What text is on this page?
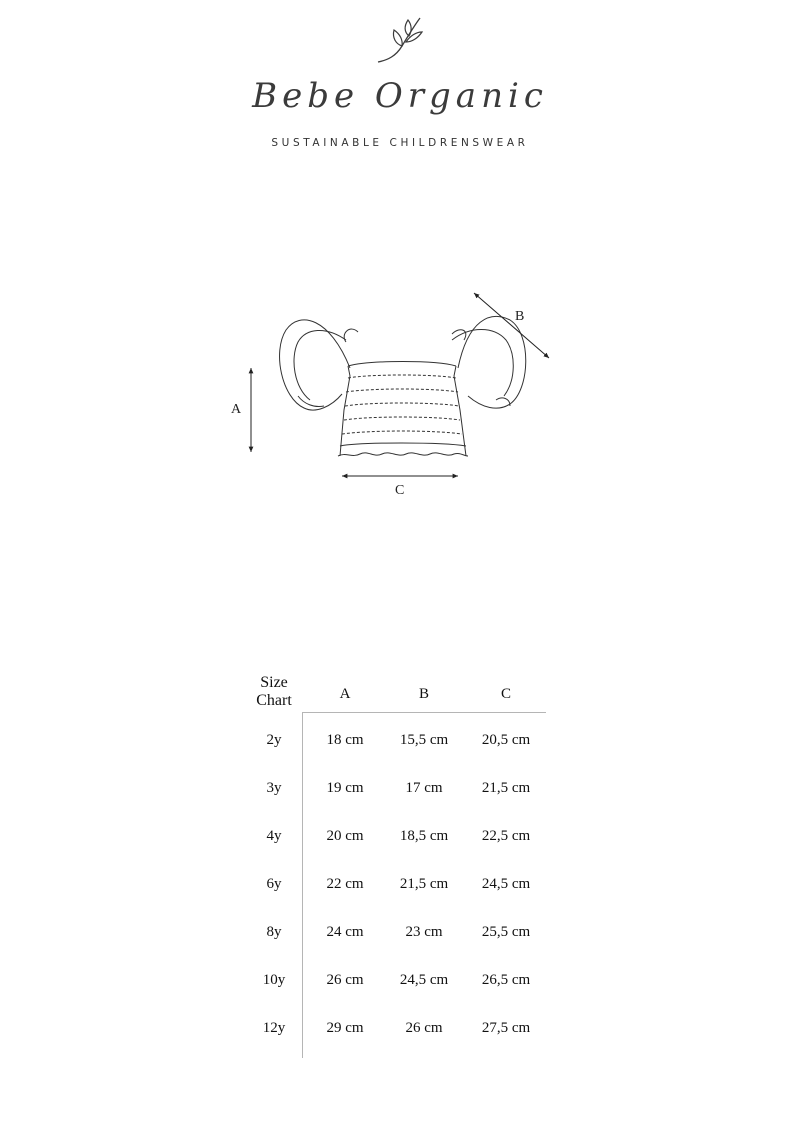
Bebe Organic
SUSTAINABLE CHILDRENSWEAR
A
B
C
Size
Chart	A	B	C
2y	18 cm	15,5 cm	20,5 cm
3y	19 cm	17 cm	21,5 cm
4y	20 cm	18,5 cm	22,5 cm
6y	22 cm	21,5 cm	24,5 cm
8y	24 cm	23 cm	25,5 cm
10y	26 cm	24,5 cm	26,5 cm
12y	29 cm	26 cm	27,5 cm
